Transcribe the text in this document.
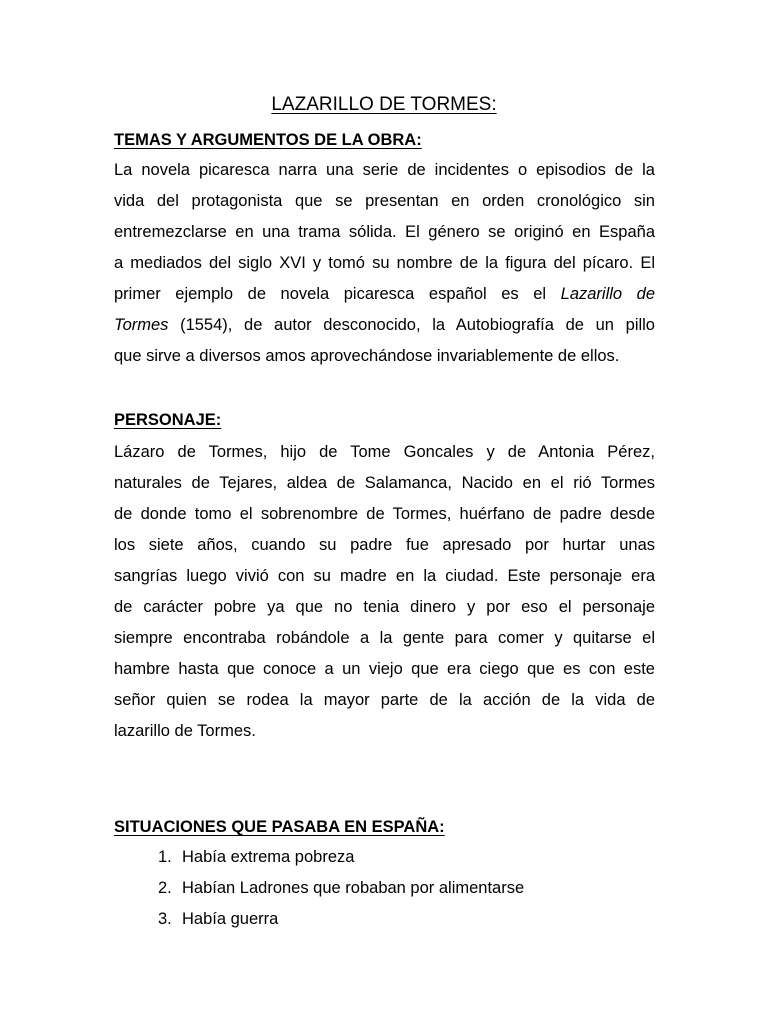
LAZARILLO DE TORMES:
TEMAS Y ARGUMENTOS DE LA OBRA:
La novela picaresca narra una serie de incidentes o episodios de la
vida del protagonista que se presentan en orden cronológico sin
entremezclarse en una trama sólida. El género se originó en España
a mediados del siglo XVI y tomó su nombre de la figura del pícaro. El
primer ejemplo de novela picaresca español es el Lazarillo de
Tormes (1554), de autor desconocido, la Autobiografía de un pillo
que sirve a diversos amos aprovechándose invariablemente de ellos.
PERSONAJE:
Lázaro de Tormes, hijo de Tome Goncales y de Antonia Pérez,
naturales de Tejares, aldea de Salamanca, Nacido en el rió Tormes
de donde tomo el sobrenombre de Tormes, huérfano de padre desde
los siete años, cuando su padre fue apresado por hurtar unas
sangrías luego vivió con su madre en la ciudad. Este personaje era
de carácter pobre ya que no tenia dinero y por eso el personaje
siempre encontraba robándole a la gente para comer y quitarse el
hambre hasta que conoce a un viejo que era ciego que es con este
señor quien se rodea la mayor parte de la acción de la vida de
lazarillo de Tormes.
SITUACIONES QUE PASABA EN ESPAÑA:
1. Había extrema pobreza
2. Habían Ladrones que robaban por alimentarse
3. Había guerra
